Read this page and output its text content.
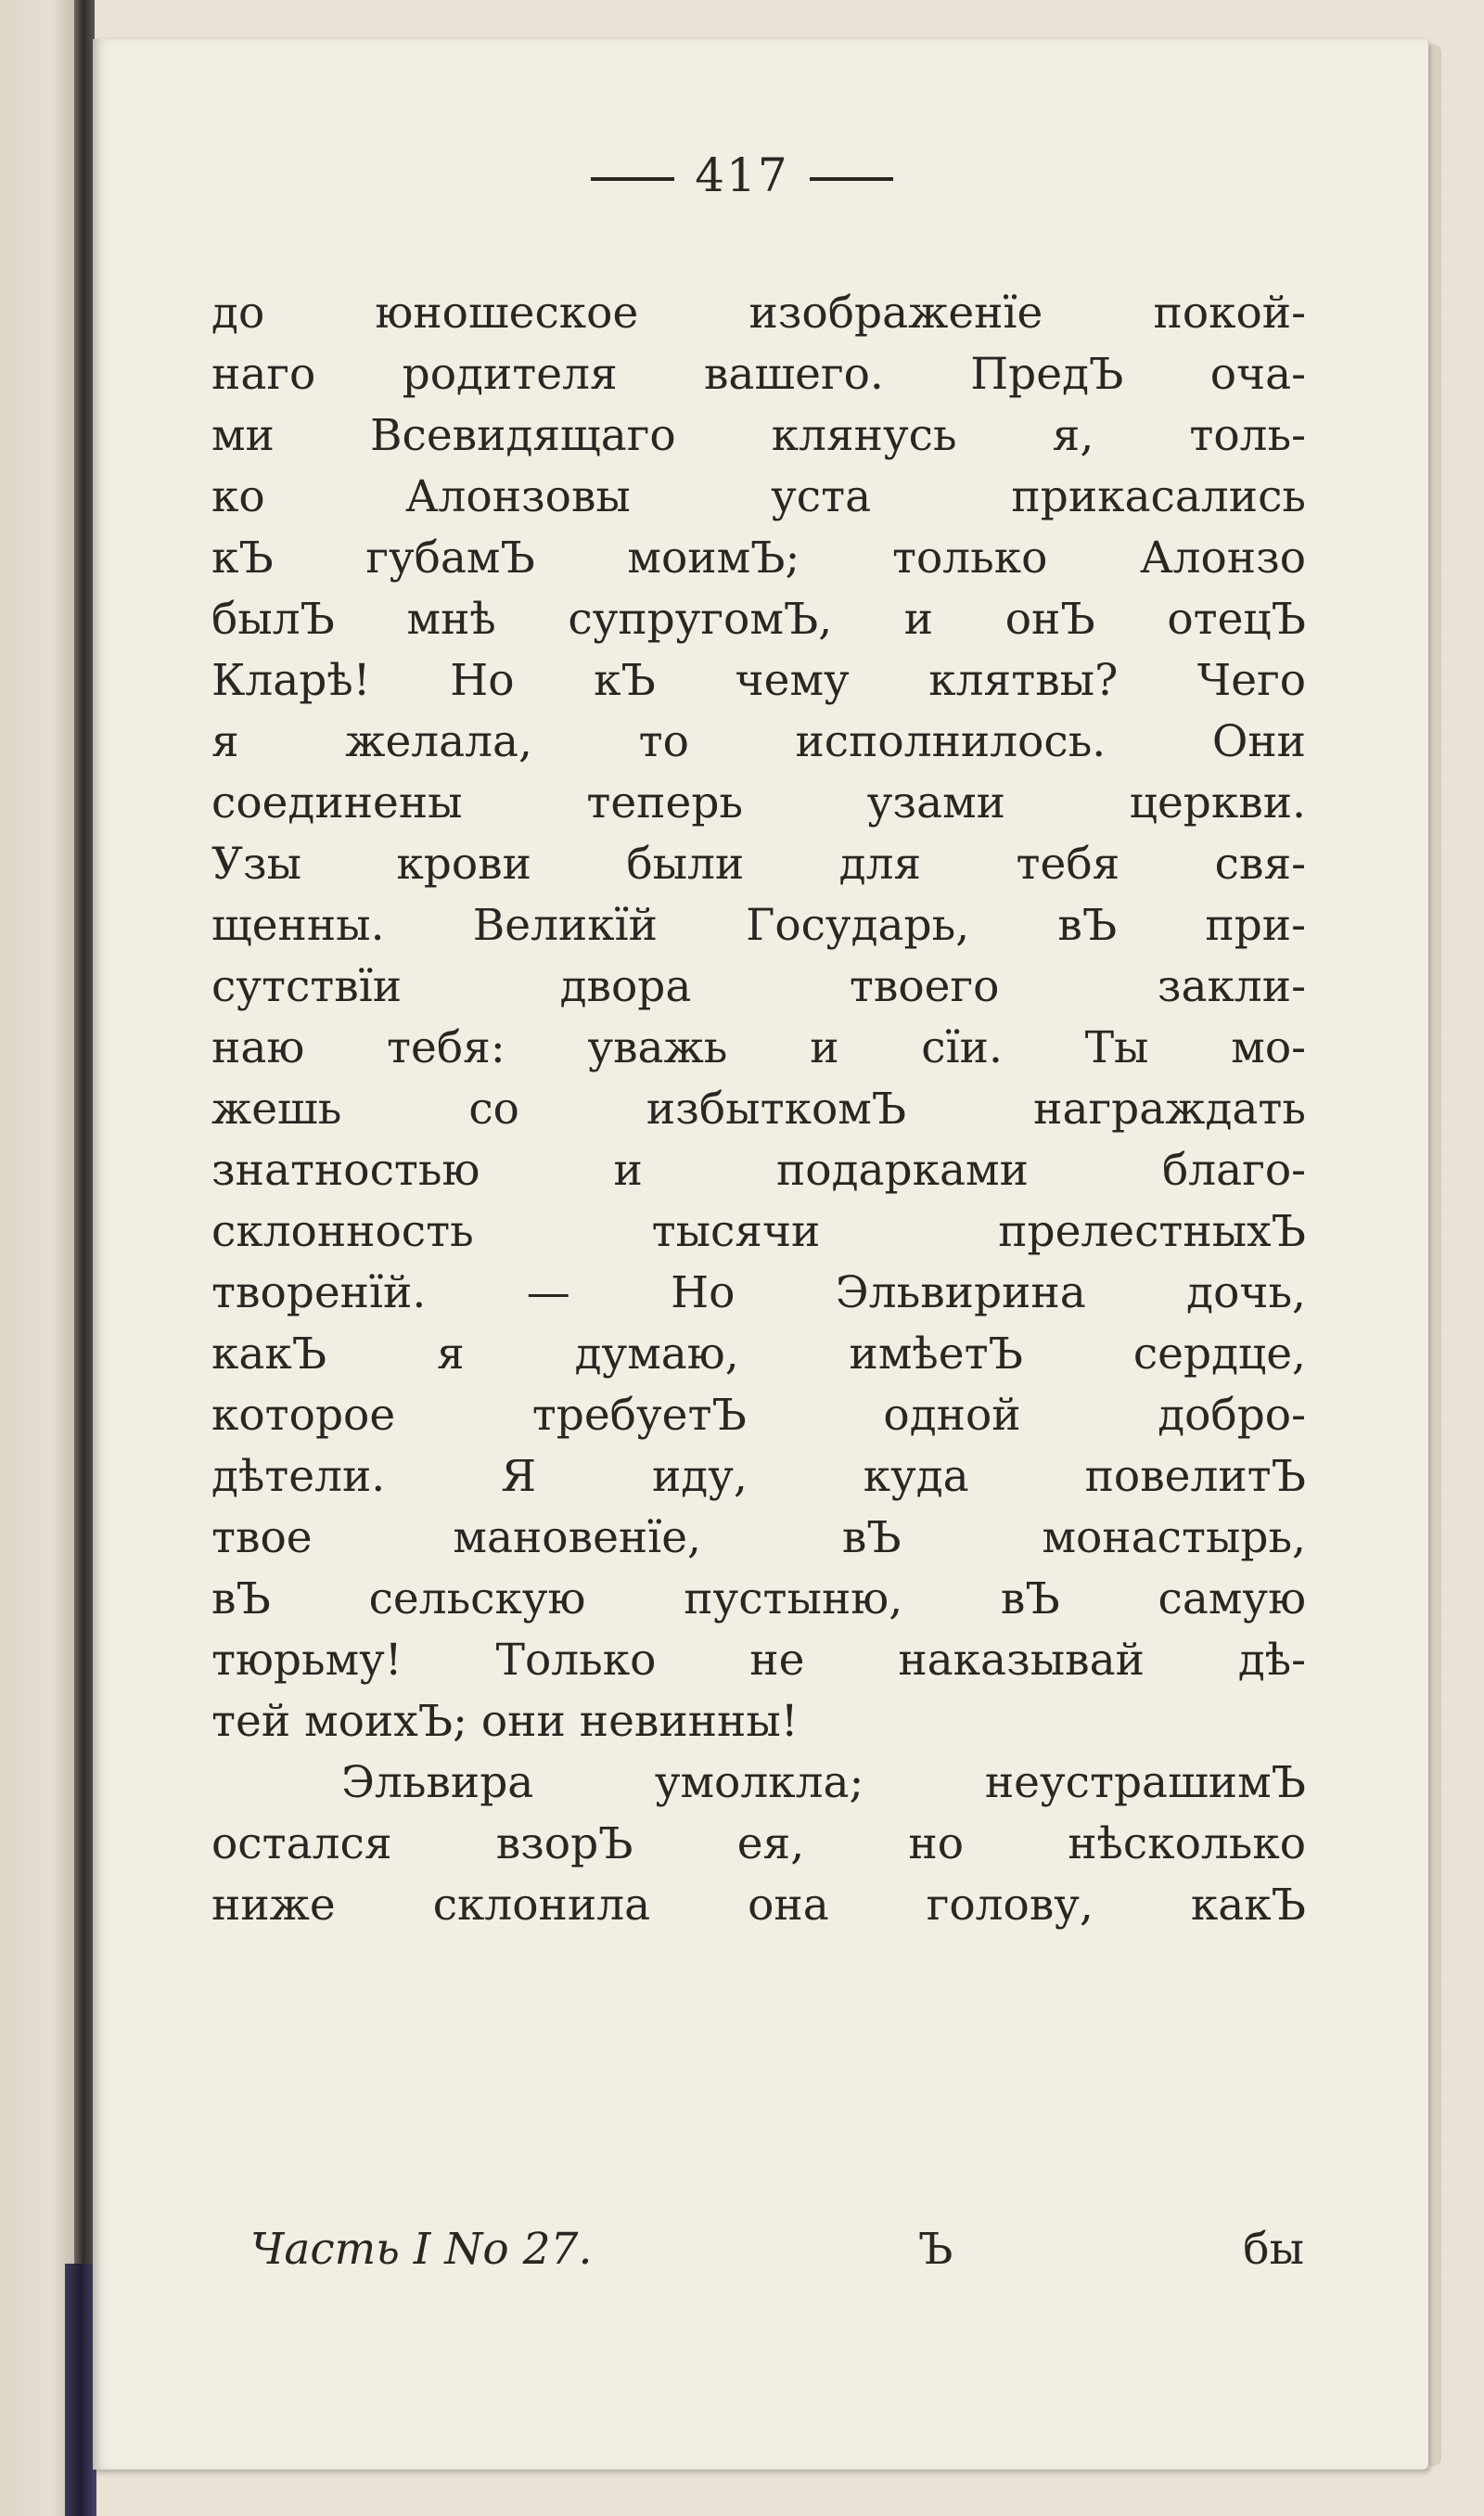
417
до юношеское изображенїе покой-
наго родителя вашего. ПредЪ оча-
ми Всевидящаго клянусь я, толь-
ко Алонзовы уста прикасались
кЪ губамЪ моимЪ; только Алонзо
былЪ мнѣ супругомЪ, и онЪ отецЪ
Кларѣ! Но кЪ чему клятвы? Чего
я желала, то исполнилось. Они
соединены теперь узами церкви.
Узы крови были для тебя свя-
щенны. Великїй Государь, вЪ при-
сутствїи двора твоего закли-
наю тебя: уважь и сїи. Ты мо-
жешь со избыткомЪ награждать
знатностью и подарками благо-
склонность тысячи прелестныхЪ
творенїй. — Но Эльвирина дочь,
какЪ я думаю, имѣетЪ сердце,
которое требуетЪ одной добро-
дѣтели. Я иду, куда повелитЪ
твое мановенїе, вЪ монастырь,
вЪ сельскую пустыню, вЪ самую
тюрьму! Только не наказывай дѣ-
тей моихЪ; они невинны!
Эльвира умолкла; неустрашимЪ
остался взорЪ ея, но нѣсколько
ниже склонила она голову, какЪ
Часть I No 27.	Ъ	бы
